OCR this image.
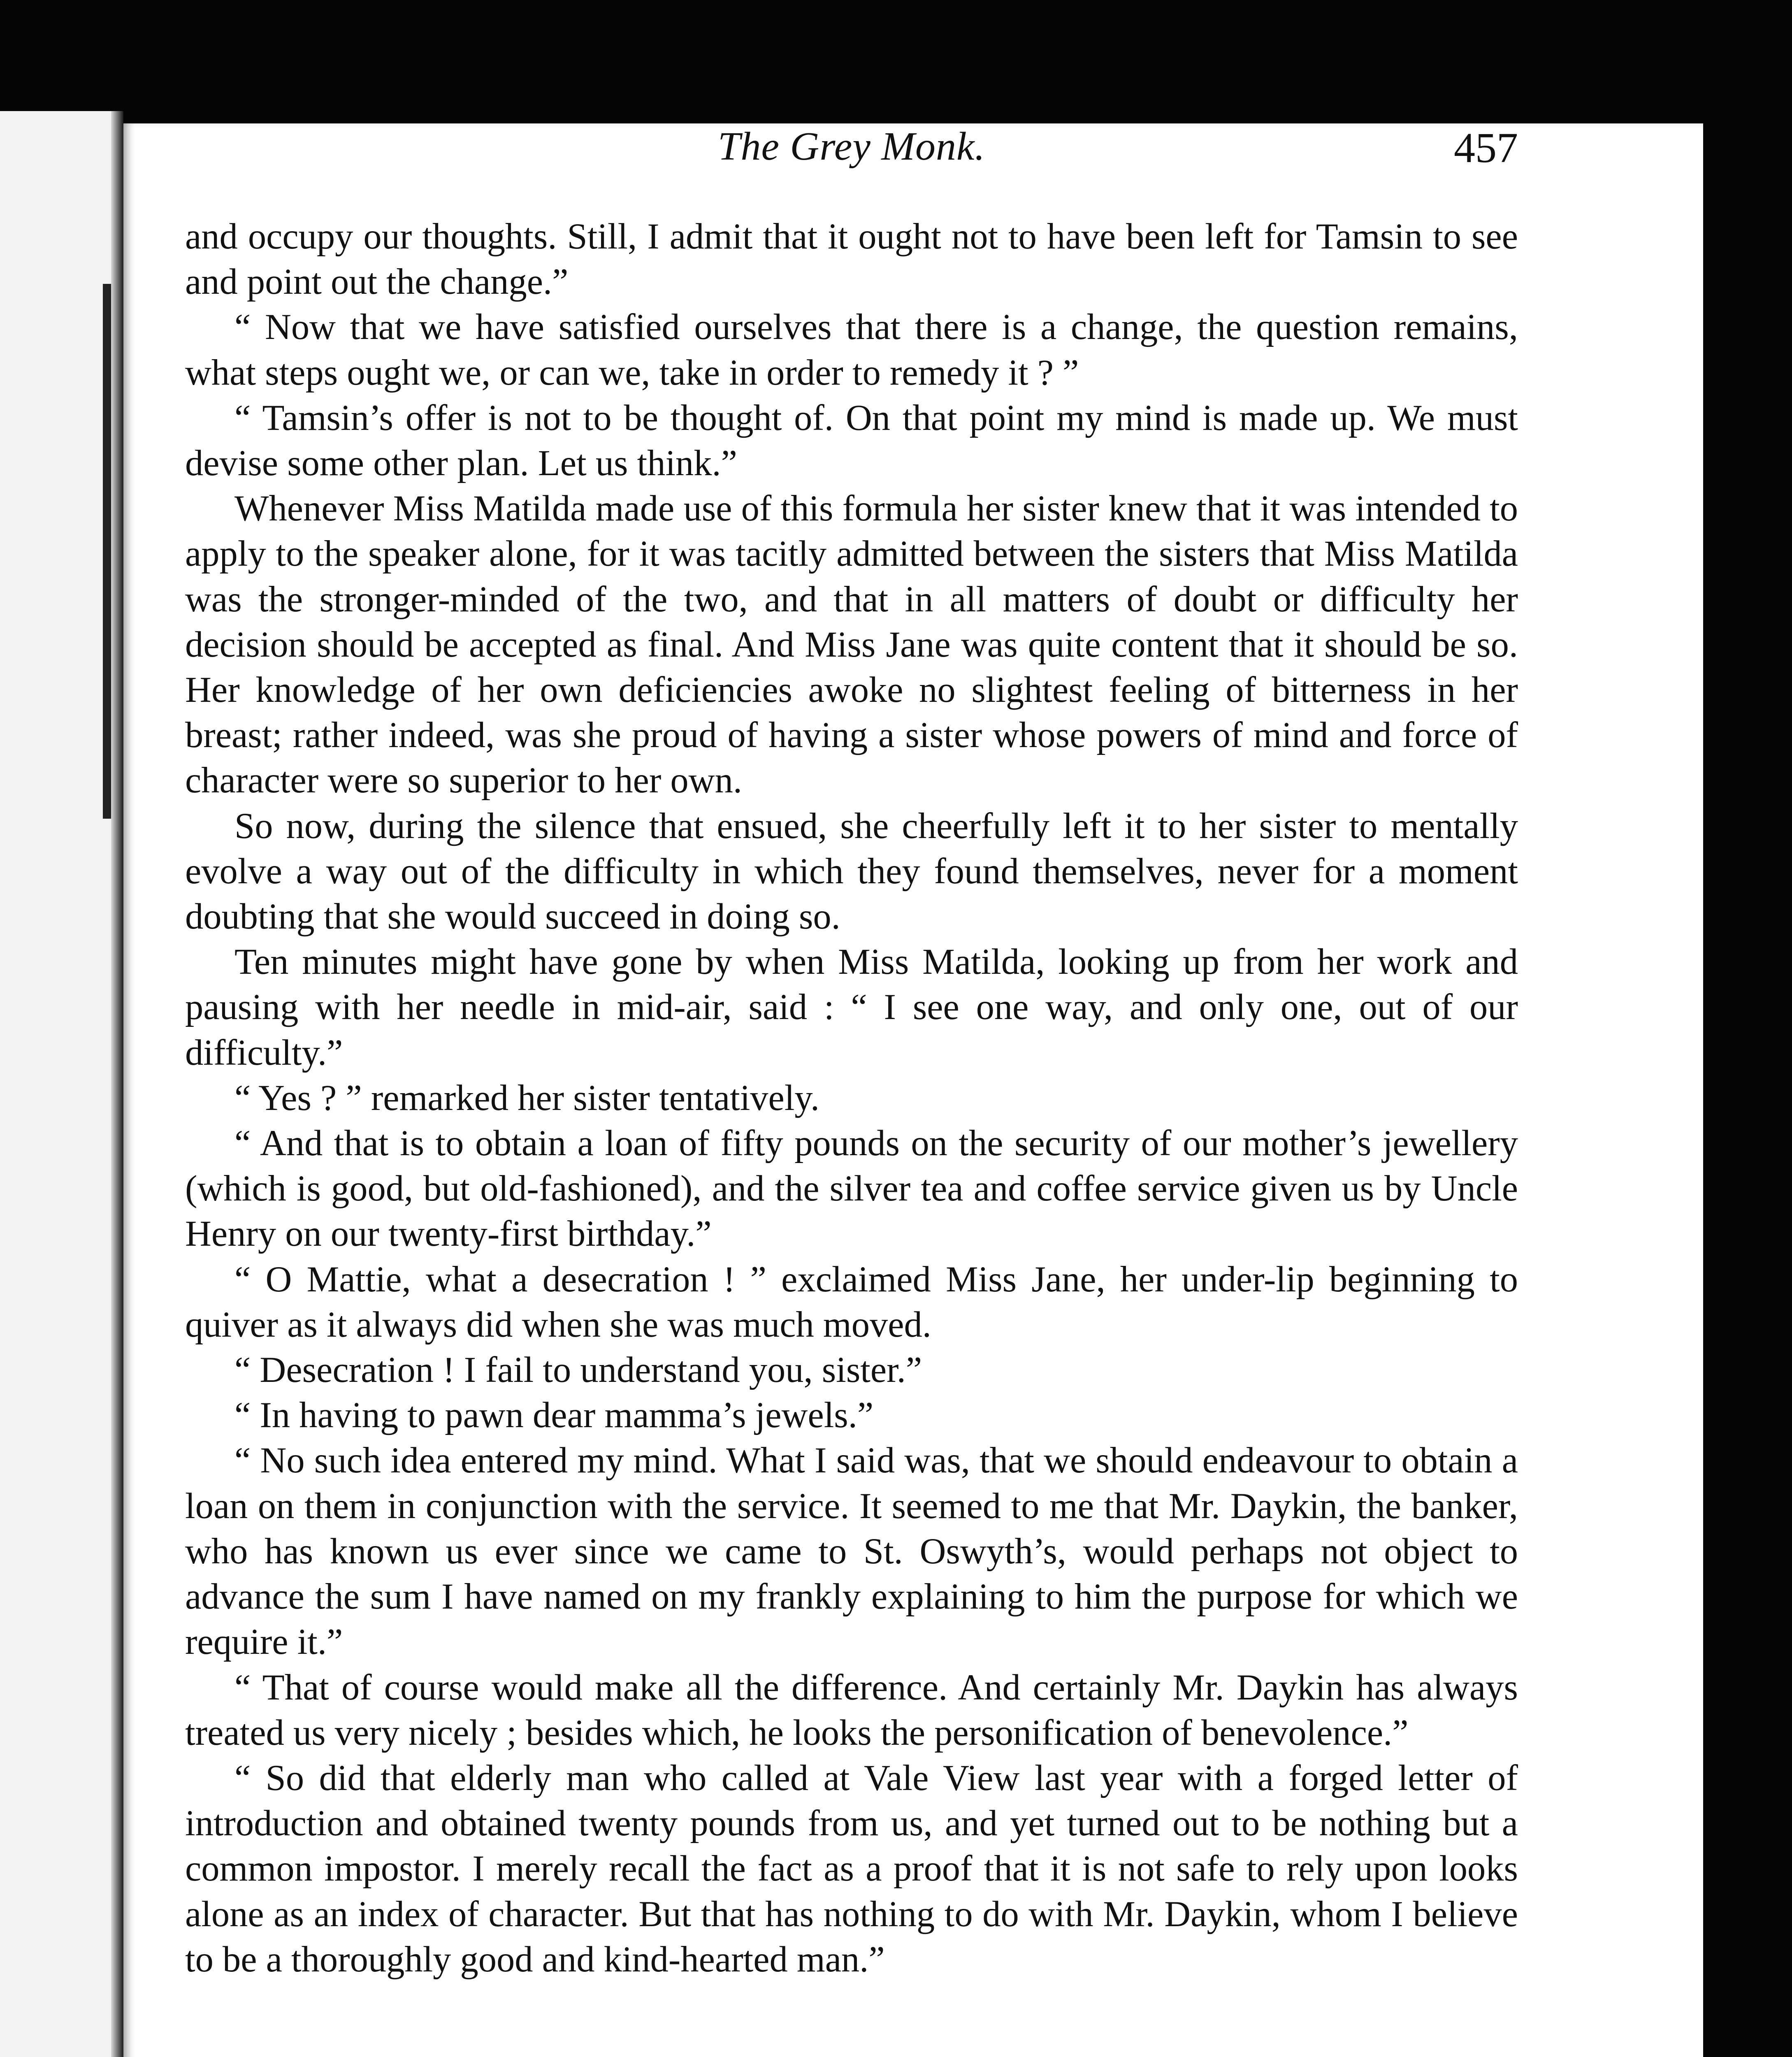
The Grey Monk.	457

and occupy our thoughts. Still, I admit that it ought not to have been left for Tamsin to see and point out the change.”

“ Now that we have satisfied ourselves that there is a change, the question remains, what steps ought we, or can we, take in order to remedy it ? ”

“ Tamsin’s offer is not to be thought of. On that point my mind is made up. We must devise some other plan. Let us think.”

Whenever Miss Matilda made use of this formula her sister knew that it was intended to apply to the speaker alone, for it was tacitly admitted between the sisters that Miss Matilda was the stronger-minded of the two, and that in all matters of doubt or difficulty her decision should be accepted as final. And Miss Jane was quite content that it should be so. Her knowledge of her own deficiencies awoke no slightest feeling of bitterness in her breast; rather indeed, was she proud of having a sister whose powers of mind and force of character were so superior to her own.

So now, during the silence that ensued, she cheerfully left it to her sister to mentally evolve a way out of the difficulty in which they found themselves, never for a moment doubting that she would succeed in doing so.

Ten minutes might have gone by when Miss Matilda, looking up from her work and pausing with her needle in mid-air, said : “ I see one way, and only one, out of our difficulty.”

“ Yes ? ” remarked her sister tentatively.

“ And that is to obtain a loan of fifty pounds on the security of our mother’s jewellery (which is good, but old-fashioned), and the silver tea and coffee service given us by Uncle Henry on our twenty-first birthday.”

“ O Mattie, what a desecration ! ” exclaimed Miss Jane, her under-lip beginning to quiver as it always did when she was much moved.

“ Desecration ! I fail to understand you, sister.”

“ In having to pawn dear mamma’s jewels.”

“ No such idea entered my mind. What I said was, that we should endeavour to obtain a loan on them in conjunction with the service. It seemed to me that Mr. Daykin, the banker, who has known us ever since we came to St. Oswyth’s, would perhaps not object to advance the sum I have named on my frankly explaining to him the purpose for which we require it.”

“ That of course would make all the difference. And certainly Mr. Daykin has always treated us very nicely ; besides which, he looks the personification of benevolence.”

“ So did that elderly man who called at Vale View last year with a forged letter of introduction and obtained twenty pounds from us, and yet turned out to be nothing but a common impostor. I merely recall the fact as a proof that it is not safe to rely upon looks alone as an index of character. But that has nothing to do with Mr. Daykin, whom I believe to be a thoroughly good and kind-hearted man.”
